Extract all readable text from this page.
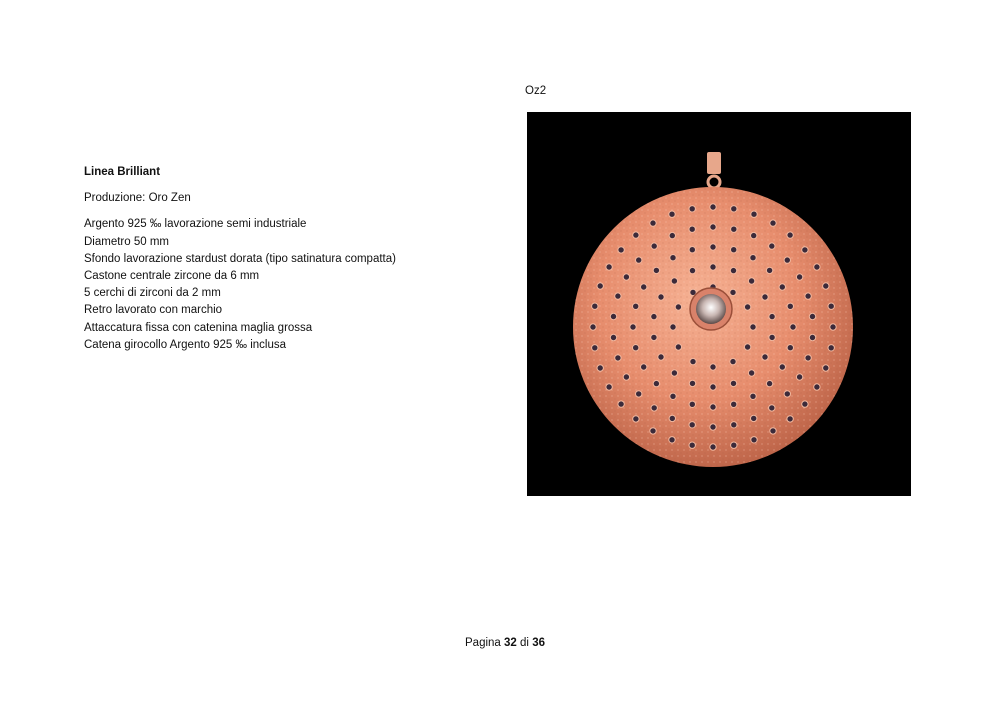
Linea Brilliant
Produzione: Oro Zen
Argento 925 ‰ lavorazione semi industriale
Diametro 50 mm
Sfondo lavorazione stardust dorata (tipo satinatura compatta)
Castone centrale zircone da 6 mm
5 cerchi di zirconi da 2 mm
Retro lavorato con marchio
Attaccatura fissa con catenina maglia grossa
Catena girocollo Argento 925 ‰ inclusa
Oz2
Pagina 32 di 36
